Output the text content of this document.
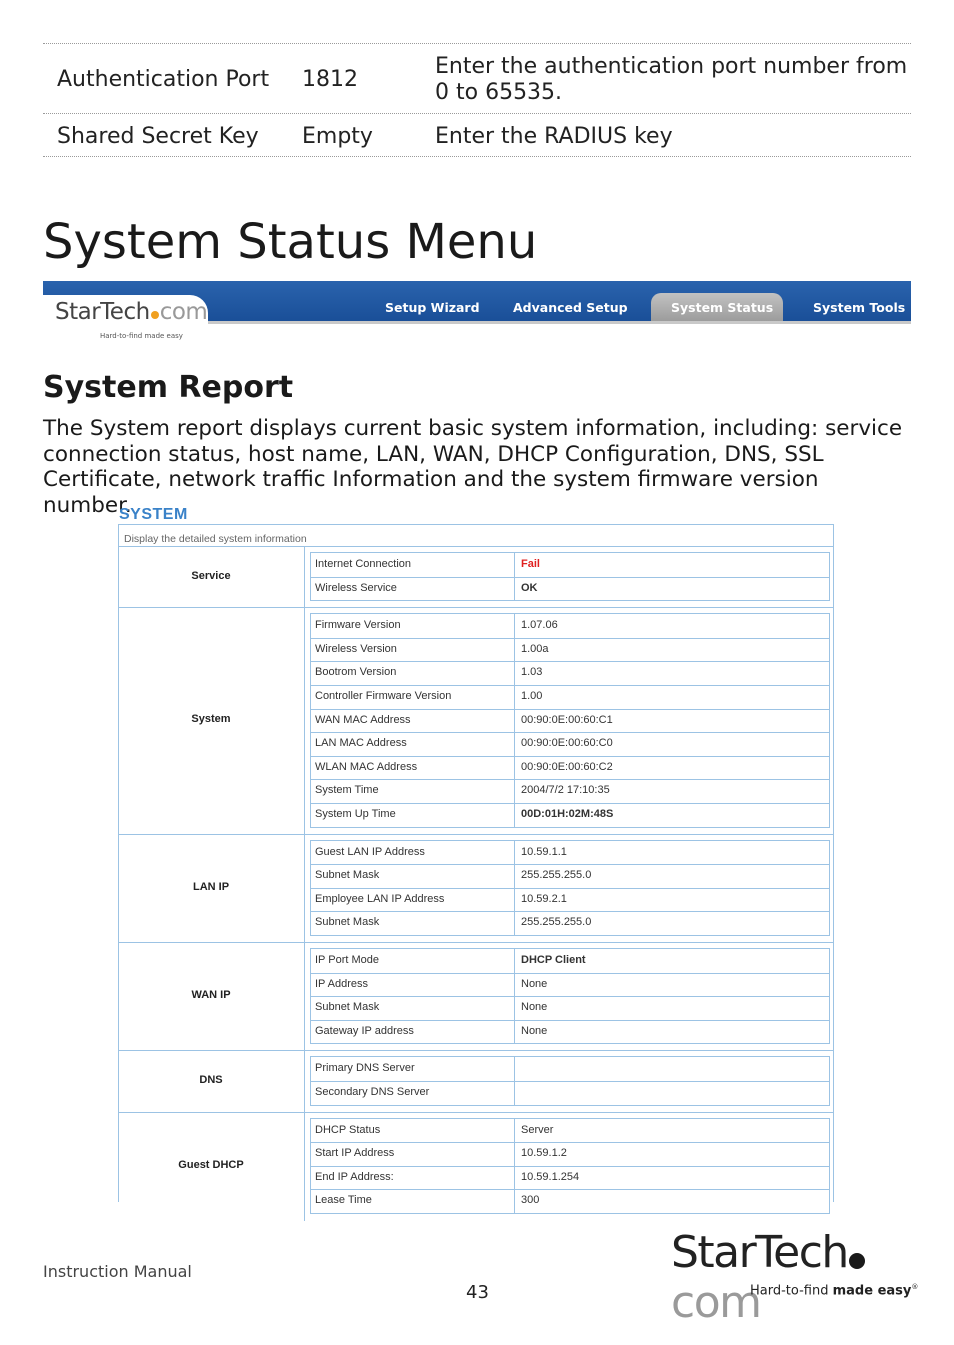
Authentication Port 1812
Enter the authentication port number from
0 to 65535.
Shared Secret Key Empty	Enter the RADIUS key
System Status Menu
StarTech com
Hard-to-find made easy
Setup Wizard	Advanced Setup	System Status	System Tools
System Report

The System report displays current basic system information, including: service connection status, host name, LAN, WAN, DHCP Configuration, DNS, SSL Certificate, network traffic Information and the system firmware version number.

SYSTEM
Display the detailed system information
Service
Internet Connection	Fail
Wireless Service	OK
System
Firmware Version	1.07.06
Wireless Version	1.00a
Bootrom Version	1.03
Controller Firmware Version	1.00
WAN MAC Address	00:90:0E:00:60:C1
LAN MAC Address	00:90:0E:00:60:C0
WLAN MAC Address	00:90:0E:00:60:C2
System Time	2004/7/2 17:10:35
System Up Time	00D:01H:02M:48S
LAN IP
Guest LAN IP Address	10.59.1.1
Subnet Mask	255.255.255.0
Employee LAN IP Address	10.59.2.1
Subnet Mask	255.255.255.0
WAN IP
IP Port Mode	DHCP Client
IP Address	None
Subnet Mask	None
Gateway IP address	None
DNS
Primary DNS Server
Secondary DNS Server
Guest DHCP
DHCP Status	Server
Start IP Address	10.59.1.2
End IP Address:	10.59.1.254
Lease Time	300
Instruction Manual
43
StarTechcom
Hard-to-find made easy®
